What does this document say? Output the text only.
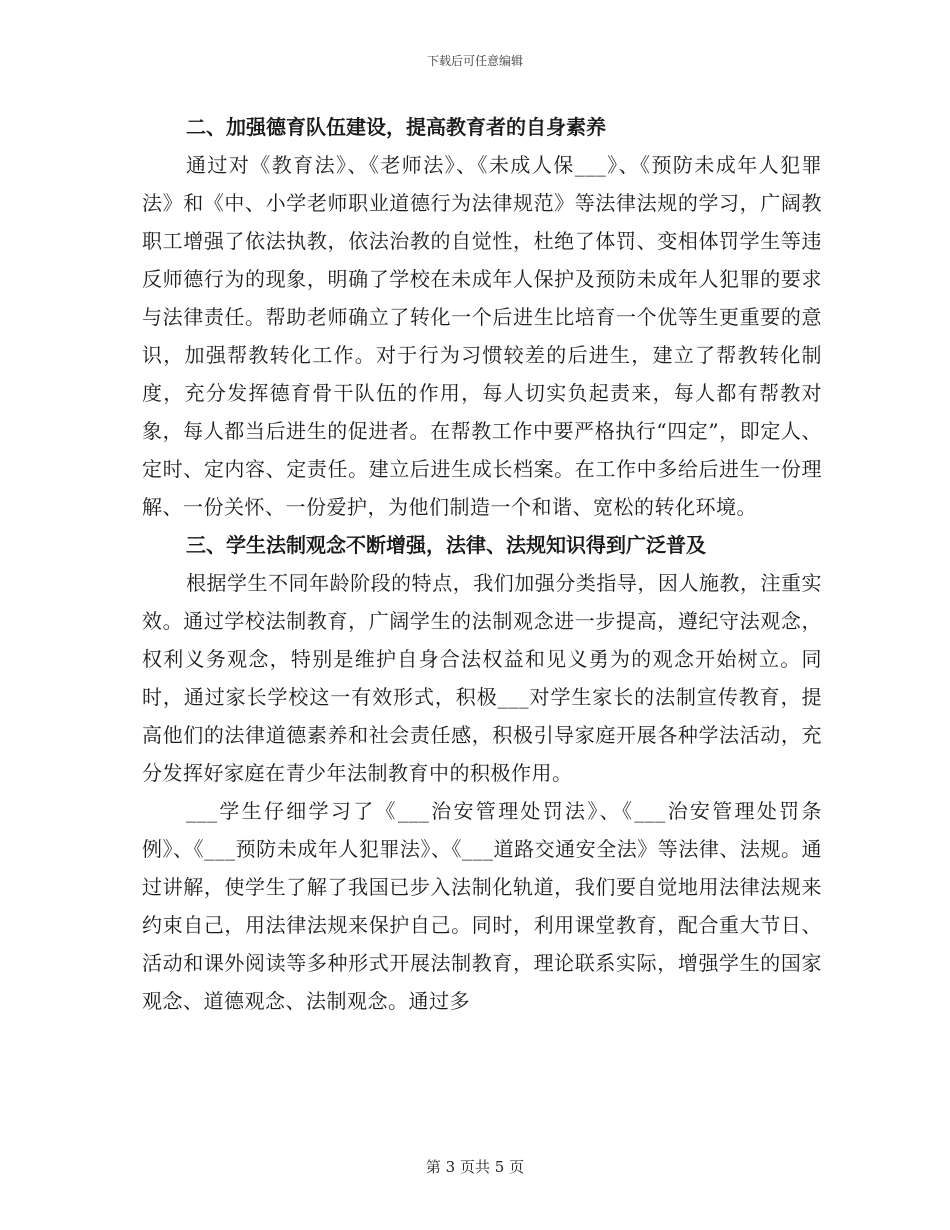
下载后可任意编辑
二、加强德育队伍建设，提高教育者的自身素养

通过对《教育法》、《老师法》、《未成人保___》、《预防未成年人犯罪法》和《中、小学老师职业道德行为法律规范》等法律法规的学习，广阔教职工增强了依法执教，依法治教的自觉性，杜绝了体罚、变相体罚学生等违反师德行为的现象，明确了学校在未成年人保护及预防未成年人犯罪的要求与法律责任。帮助老师确立了转化一个后进生比培育一个优等生更重要的意识，加强帮教转化工作。对于行为习惯较差的后进生，建立了帮教转化制度，充分发挥德育骨干队伍的作用，每人切实负起责来，每人都有帮教对象，每人都当后进生的促进者。在帮教工作中要严格执行“四定”，即定人、定时、定内容、定责任。建立后进生成长档案。在工作中多给后进生一份理解、一份关怀、一份爱护，为他们制造一个和谐、宽松的转化环境。

三、学生法制观念不断增强，法律、法规知识得到广泛普及

根据学生不同年龄阶段的特点，我们加强分类指导，因人施教，注重实效。通过学校法制教育，广阔学生的法制观念进一步提高，遵纪守法观念，权利义务观念，特别是维护自身合法权益和见义勇为的观念开始树立。同时，通过家长学校这一有效形式，积极___对学生家长的法制宣传教育，提高他们的法律道德素养和社会责任感，积极引导家庭开展各种学法活动，充分发挥好家庭在青少年法制教育中的积极作用。

___学生仔细学习了《___治安管理处罚法》、《___治安管理处罚条例》、《___预防未成年人犯罪法》、《___道路交通安全法》等法律、法规。通过讲解，使学生了解了我国已步入法制化轨道，我们要自觉地用法律法规来约束自己，用法律法规来保护自己。同时，利用课堂教育，配合重大节日、活动和课外阅读等多种形式开展法制教育，理论联系实际，增强学生的国家观念、道德观念、法制观念。通过多

第 3 页共 5 页
